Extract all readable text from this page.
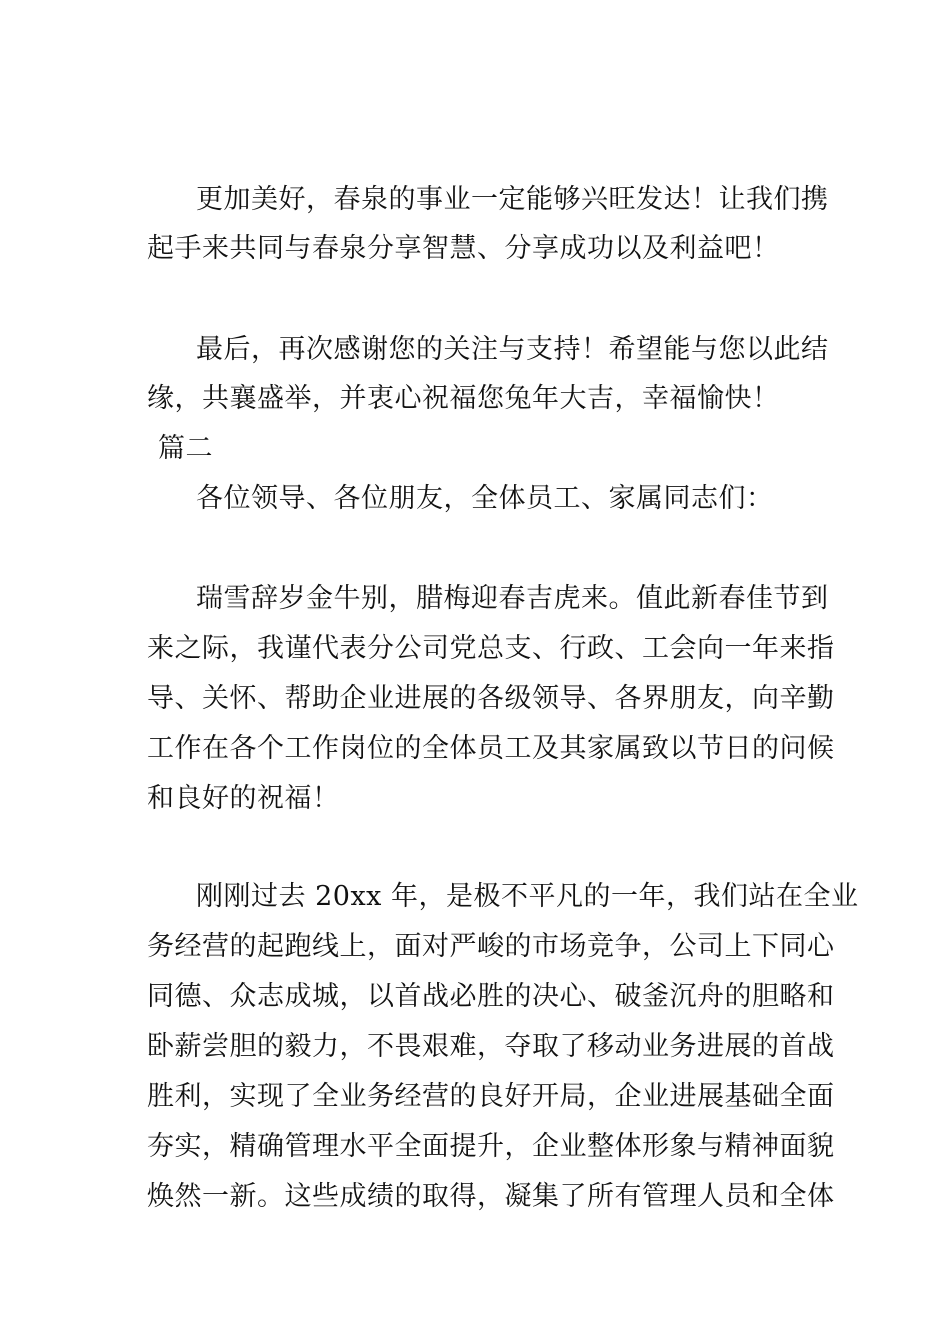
更加美好，春泉的事业一定能够兴旺发达！让我们携
起手来共同与春泉分享智慧、分享成功以及利益吧！
最后，再次感谢您的关注与支持！希望能与您以此结
缘，共襄盛举，并衷心祝福您兔年大吉，幸福愉快！
篇二
各位领导、各位朋友，全体员工、家属同志们：
瑞雪辞岁金牛别，腊梅迎春吉虎来。值此新春佳节到
来之际，我谨代表分公司党总支、行政、工会向一年来指
导、关怀、帮助企业进展的各级领导、各界朋友，向辛勤
工作在各个工作岗位的全体员工及其家属致以节日的问候
和良好的祝福！
刚刚过去 20xx 年，是极不平凡的一年，我们站在全业
务经营的起跑线上，面对严峻的市场竞争，公司上下同心
同德、众志成城，以首战必胜的决心、破釜沉舟的胆略和
卧薪尝胆的毅力，不畏艰难，夺取了移动业务进展的首战
胜利，实现了全业务经营的良好开局，企业进展基础全面
夯实，精确管理水平全面提升，企业整体形象与精神面貌
焕然一新。这些成绩的取得，凝集了所有管理人员和全体
